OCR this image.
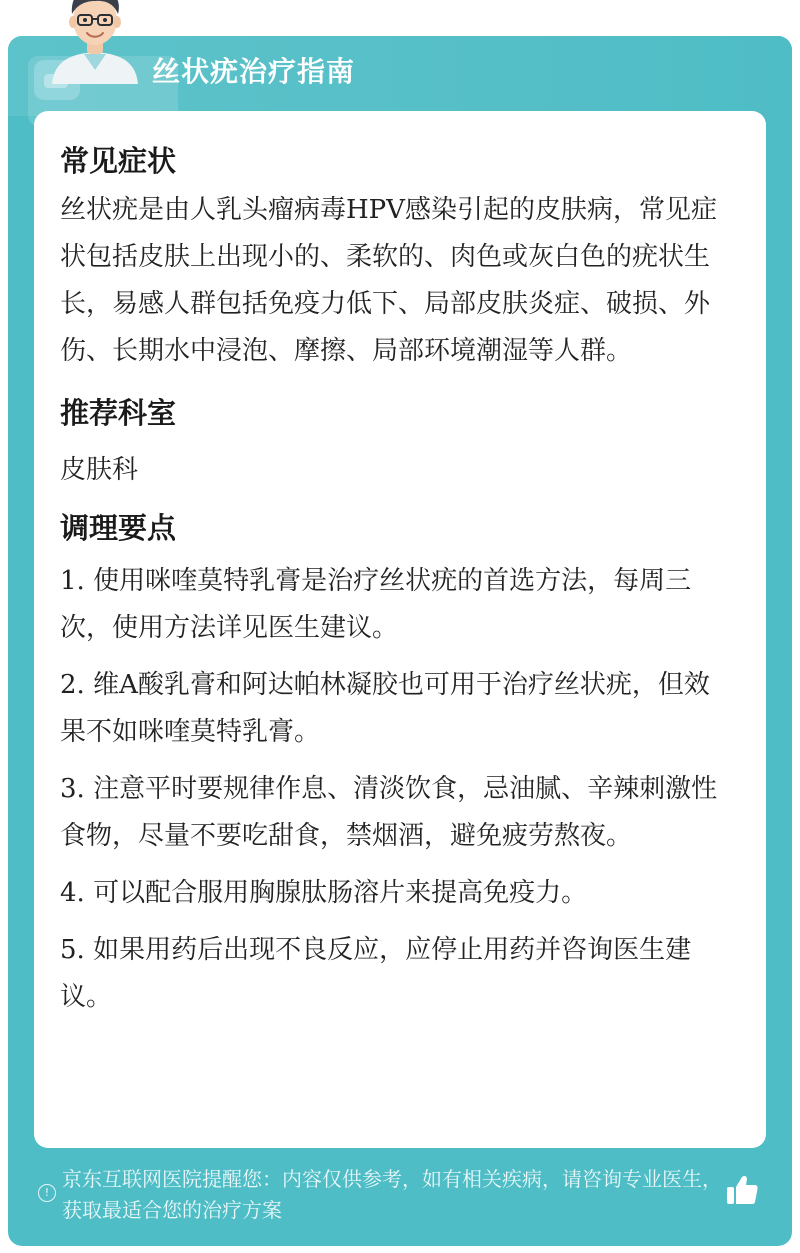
丝状疣治疗指南
常见症状

丝状疣是由人乳头瘤病毒HPV感染引起的皮肤病，常见症状包括皮肤上出现小的、柔软的、肉色或灰白色的疣状生长，易感人群包括免疫力低下、局部皮肤炎症、破损、外伤、长期水中浸泡、摩擦、局部环境潮湿等人群。

推荐科室

皮肤科

调理要点

1. 使用咪喹莫特乳膏是治疗丝状疣的首选方法，每周三次，使用方法详见医生建议。

2. 维A酸乳膏和阿达帕林凝胶也可用于治疗丝状疣，但效果不如咪喹莫特乳膏。

3. 注意平时要规律作息、清淡饮食，忌油腻、辛辣刺激性食物，尽量不要吃甜食，禁烟酒，避免疲劳熬夜。

4. 可以配合服用胸腺肽肠溶片来提高免疫力。

5. 如果用药后出现不良反应，应停止用药并咨询医生建议。

!
京东互联网医院提醒您：内容仅供参考，如有相关疾病，请咨询专业医生，获取最适合您的治疗方案
